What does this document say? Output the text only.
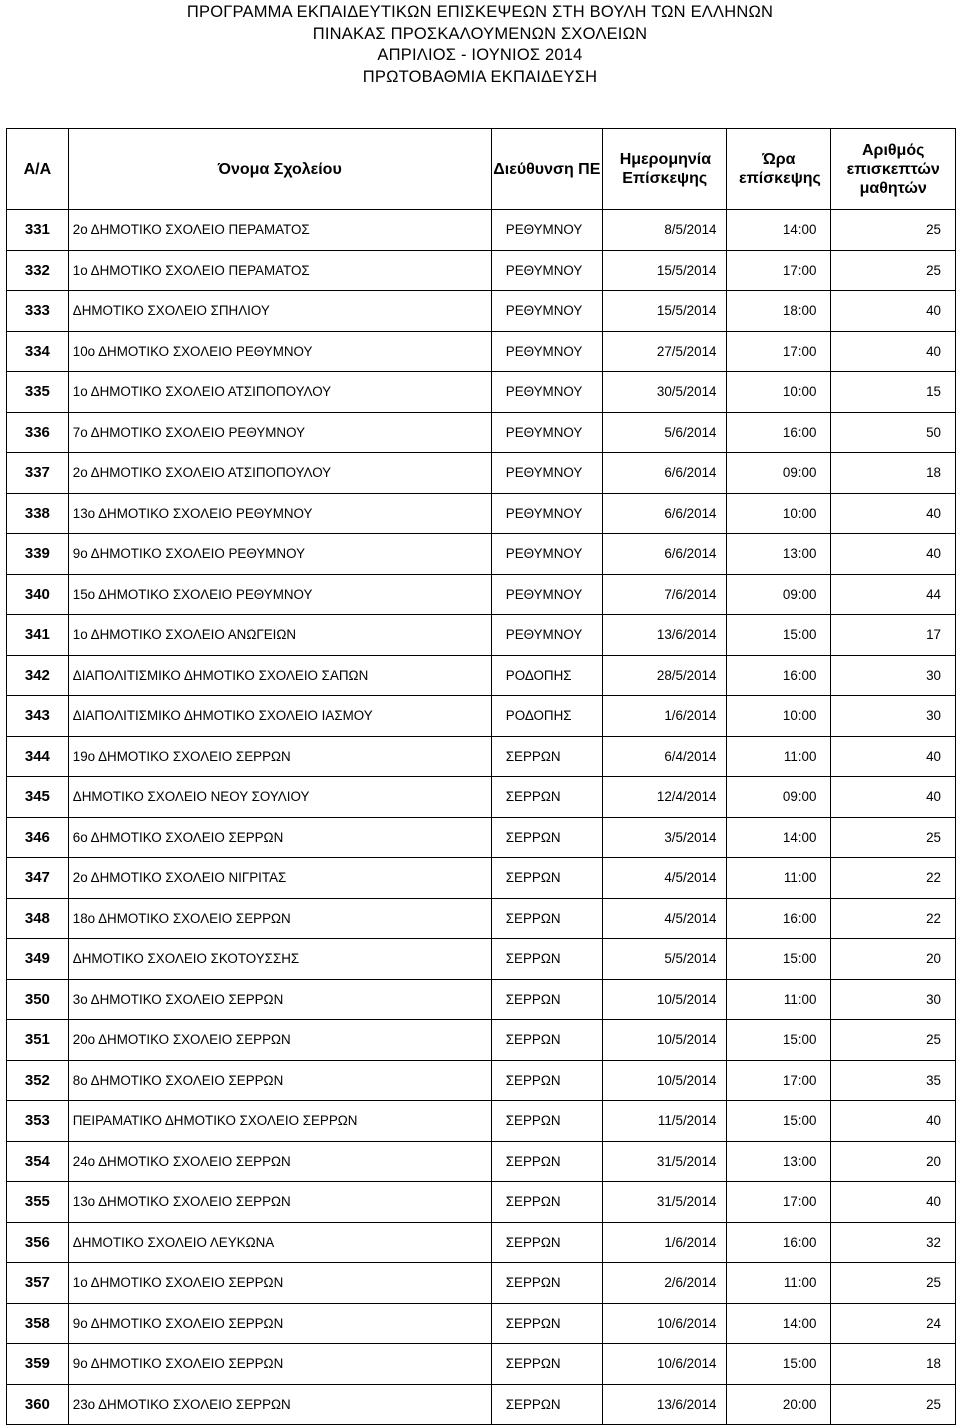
ΠΡΟΓΡΑΜΜΑ ΕΚΠΑΙΔΕΥΤΙΚΩΝ ΕΠΙΣΚΕΨΕΩΝ ΣΤΗ ΒΟΥΛΗ ΤΩΝ ΕΛΛΗΝΩΝ
ΠΙΝΑΚΑΣ ΠΡΟΣΚΑΛΟΥΜΕΝΩΝ ΣΧΟΛΕΙΩΝ
ΑΠΡΙΛΙΟΣ - ΙΟΥΝΙΟΣ 2014
ΠΡΩΤΟΒΑΘΜΙΑ ΕΚΠΑΙΔΕΥΣΗ
Α/Α	Όνομα Σχολείου	Διεύθυνση ΠΕ	Ημερομηνία Επίσκεψης	Ώρα επίσκεψης	Αριθμός επισκεπτών μαθητών
331	2ο ΔΗΜΟΤΙΚΟ ΣΧΟΛΕΙΟ ΠΕΡΑΜΑΤΟΣ	ΡΕΘΥΜΝΟΥ	8/5/2014	14:00	25
332	1ο ΔΗΜΟΤΙΚΟ ΣΧΟΛΕΙΟ ΠΕΡΑΜΑΤΟΣ	ΡΕΘΥΜΝΟΥ	15/5/2014	17:00	25
333	ΔΗΜΟΤΙΚΟ ΣΧΟΛΕΙΟ ΣΠΗΛΙΟΥ	ΡΕΘΥΜΝΟΥ	15/5/2014	18:00	40
334	10ο ΔΗΜΟΤΙΚΟ ΣΧΟΛΕΙΟ ΡΕΘΥΜΝΟΥ	ΡΕΘΥΜΝΟΥ	27/5/2014	17:00	40
335	1ο ΔΗΜΟΤΙΚΟ ΣΧΟΛΕΙΟ ΑΤΣΙΠΟΠΟΥΛΟΥ	ΡΕΘΥΜΝΟΥ	30/5/2014	10:00	15
336	7ο ΔΗΜΟΤΙΚΟ ΣΧΟΛΕΙΟ ΡΕΘΥΜΝΟΥ	ΡΕΘΥΜΝΟΥ	5/6/2014	16:00	50
337	2ο ΔΗΜΟΤΙΚΟ ΣΧΟΛΕΙΟ ΑΤΣΙΠΟΠΟΥΛΟΥ	ΡΕΘΥΜΝΟΥ	6/6/2014	09:00	18
338	13ο ΔΗΜΟΤΙΚΟ ΣΧΟΛΕΙΟ ΡΕΘΥΜΝΟΥ	ΡΕΘΥΜΝΟΥ	6/6/2014	10:00	40
339	9ο ΔΗΜΟΤΙΚΟ ΣΧΟΛΕΙΟ ΡΕΘΥΜΝΟΥ	ΡΕΘΥΜΝΟΥ	6/6/2014	13:00	40
340	15ο ΔΗΜΟΤΙΚΟ ΣΧΟΛΕΙΟ ΡΕΘΥΜΝΟΥ	ΡΕΘΥΜΝΟΥ	7/6/2014	09:00	44
341	1ο ΔΗΜΟΤΙΚΟ ΣΧΟΛΕΙΟ ΑΝΩΓΕΙΩΝ	ΡΕΘΥΜΝΟΥ	13/6/2014	15:00	17
342	ΔΙΑΠΟΛΙΤΙΣΜΙΚΟ ΔΗΜΟΤΙΚΟ ΣΧΟΛΕΙΟ ΣΑΠΩΝ	ΡΟΔΟΠΗΣ	28/5/2014	16:00	30
343	ΔΙΑΠΟΛΙΤΙΣΜΙΚΟ ΔΗΜΟΤΙΚΟ ΣΧΟΛΕΙΟ ΙΑΣΜΟΥ	ΡΟΔΟΠΗΣ	1/6/2014	10:00	30
344	19ο ΔΗΜΟΤΙΚΟ ΣΧΟΛΕΙΟ ΣΕΡΡΩΝ	ΣΕΡΡΩΝ	6/4/2014	11:00	40
345	ΔΗΜΟΤΙΚΟ ΣΧΟΛΕΙΟ ΝΕΟΥ ΣΟΥΛΙΟΥ	ΣΕΡΡΩΝ	12/4/2014	09:00	40
346	6ο ΔΗΜΟΤΙΚΟ ΣΧΟΛΕΙΟ ΣΕΡΡΩΝ	ΣΕΡΡΩΝ	3/5/2014	14:00	25
347	2ο ΔΗΜΟΤΙΚΟ ΣΧΟΛΕΙΟ ΝΙΓΡΙΤΑΣ	ΣΕΡΡΩΝ	4/5/2014	11:00	22
348	18ο ΔΗΜΟΤΙΚΟ ΣΧΟΛΕΙΟ ΣΕΡΡΩΝ	ΣΕΡΡΩΝ	4/5/2014	16:00	22
349	ΔΗΜΟΤΙΚΟ ΣΧΟΛΕΙΟ ΣΚΟΤΟΥΣΣΗΣ	ΣΕΡΡΩΝ	5/5/2014	15:00	20
350	3ο ΔΗΜΟΤΙΚΟ ΣΧΟΛΕΙΟ ΣΕΡΡΩΝ	ΣΕΡΡΩΝ	10/5/2014	11:00	30
351	20ο ΔΗΜΟΤΙΚΟ ΣΧΟΛΕΙΟ ΣΕΡΡΩΝ	ΣΕΡΡΩΝ	10/5/2014	15:00	25
352	8ο ΔΗΜΟΤΙΚΟ ΣΧΟΛΕΙΟ ΣΕΡΡΩΝ	ΣΕΡΡΩΝ	10/5/2014	17:00	35
353	ΠΕΙΡΑΜΑΤΙΚΟ ΔΗΜΟΤΙΚΟ ΣΧΟΛΕΙΟ ΣΕΡΡΩΝ	ΣΕΡΡΩΝ	11/5/2014	15:00	40
354	24ο ΔΗΜΟΤΙΚΟ ΣΧΟΛΕΙΟ ΣΕΡΡΩΝ	ΣΕΡΡΩΝ	31/5/2014	13:00	20
355	13ο ΔΗΜΟΤΙΚΟ ΣΧΟΛΕΙΟ ΣΕΡΡΩΝ	ΣΕΡΡΩΝ	31/5/2014	17:00	40
356	ΔΗΜΟΤΙΚΟ ΣΧΟΛΕΙΟ ΛΕΥΚΩΝΑ	ΣΕΡΡΩΝ	1/6/2014	16:00	32
357	1ο ΔΗΜΟΤΙΚΟ ΣΧΟΛΕΙΟ ΣΕΡΡΩΝ	ΣΕΡΡΩΝ	2/6/2014	11:00	25
358	9ο ΔΗΜΟΤΙΚΟ ΣΧΟΛΕΙΟ ΣΕΡΡΩΝ	ΣΕΡΡΩΝ	10/6/2014	14:00	24
359	9ο ΔΗΜΟΤΙΚΟ ΣΧΟΛΕΙΟ ΣΕΡΡΩΝ	ΣΕΡΡΩΝ	10/6/2014	15:00	18
360	23ο ΔΗΜΟΤΙΚΟ ΣΧΟΛΕΙΟ ΣΕΡΡΩΝ	ΣΕΡΡΩΝ	13/6/2014	20:00	25
